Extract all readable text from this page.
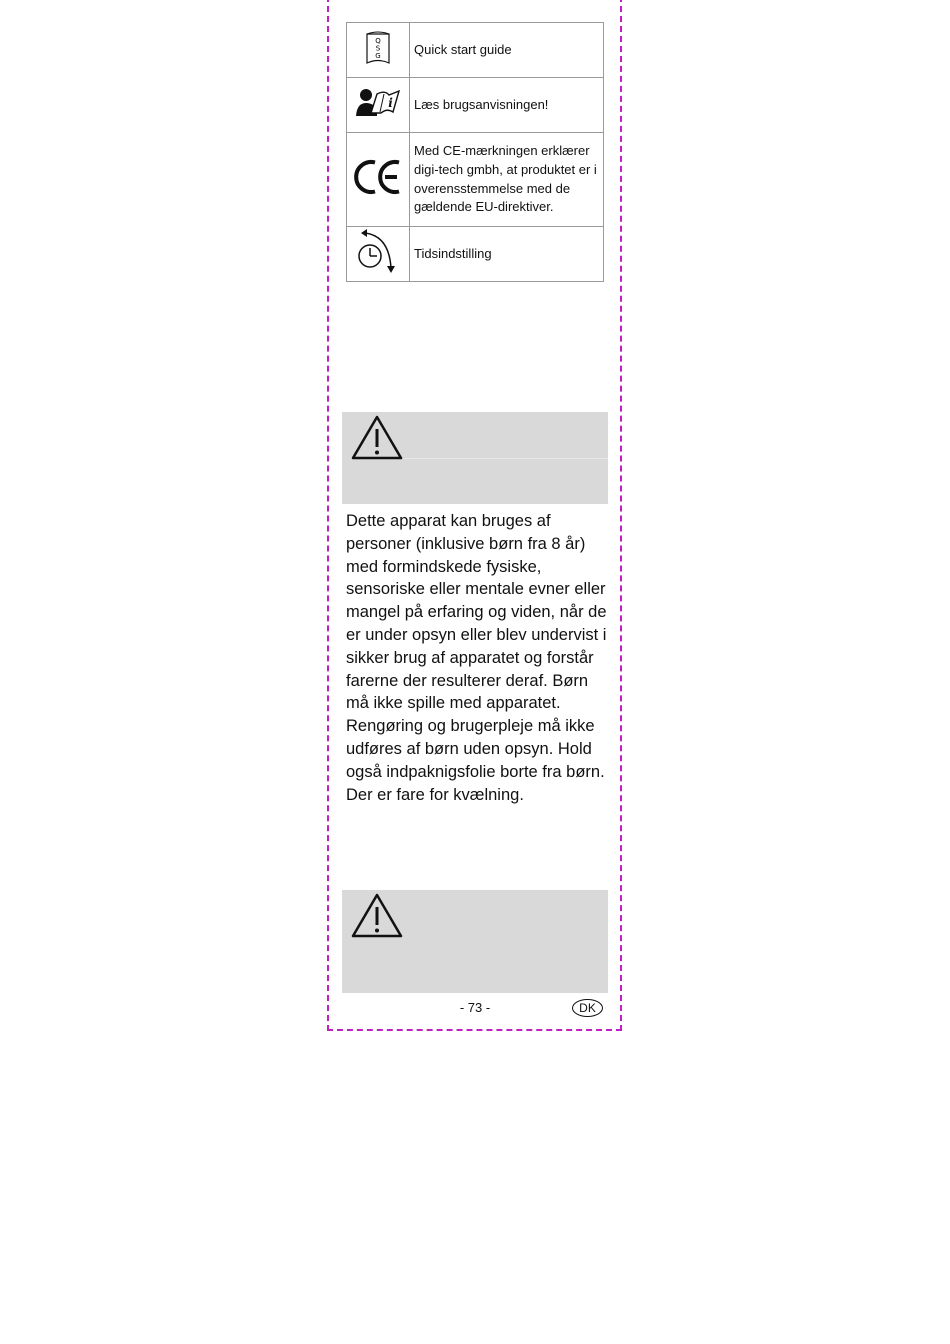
Q
S
G	Quick start guide

i	Læs brugsanvisningen!
	Med CE-mærkningen erklærer digi-tech gmbh, at produktet er i overensstemmelse med de gældende EU-direktiver.
	Tidsindstilling

Dette apparat kan bruges af personer (inklusive børn fra 8 år) med formindskede fysiske, sensoriske eller mentale evner eller mangel på erfaring og viden, når de er under opsyn eller blev undervist i sikker brug af apparatet og forstår farerne der resulterer deraf. Børn må ikke spille med apparatet. Rengøring og brugerpleje må ikke udføres af børn uden opsyn. Hold også indpaknigsfolie borte fra børn. Der er fare for kvælning.

- 73 -	DK
